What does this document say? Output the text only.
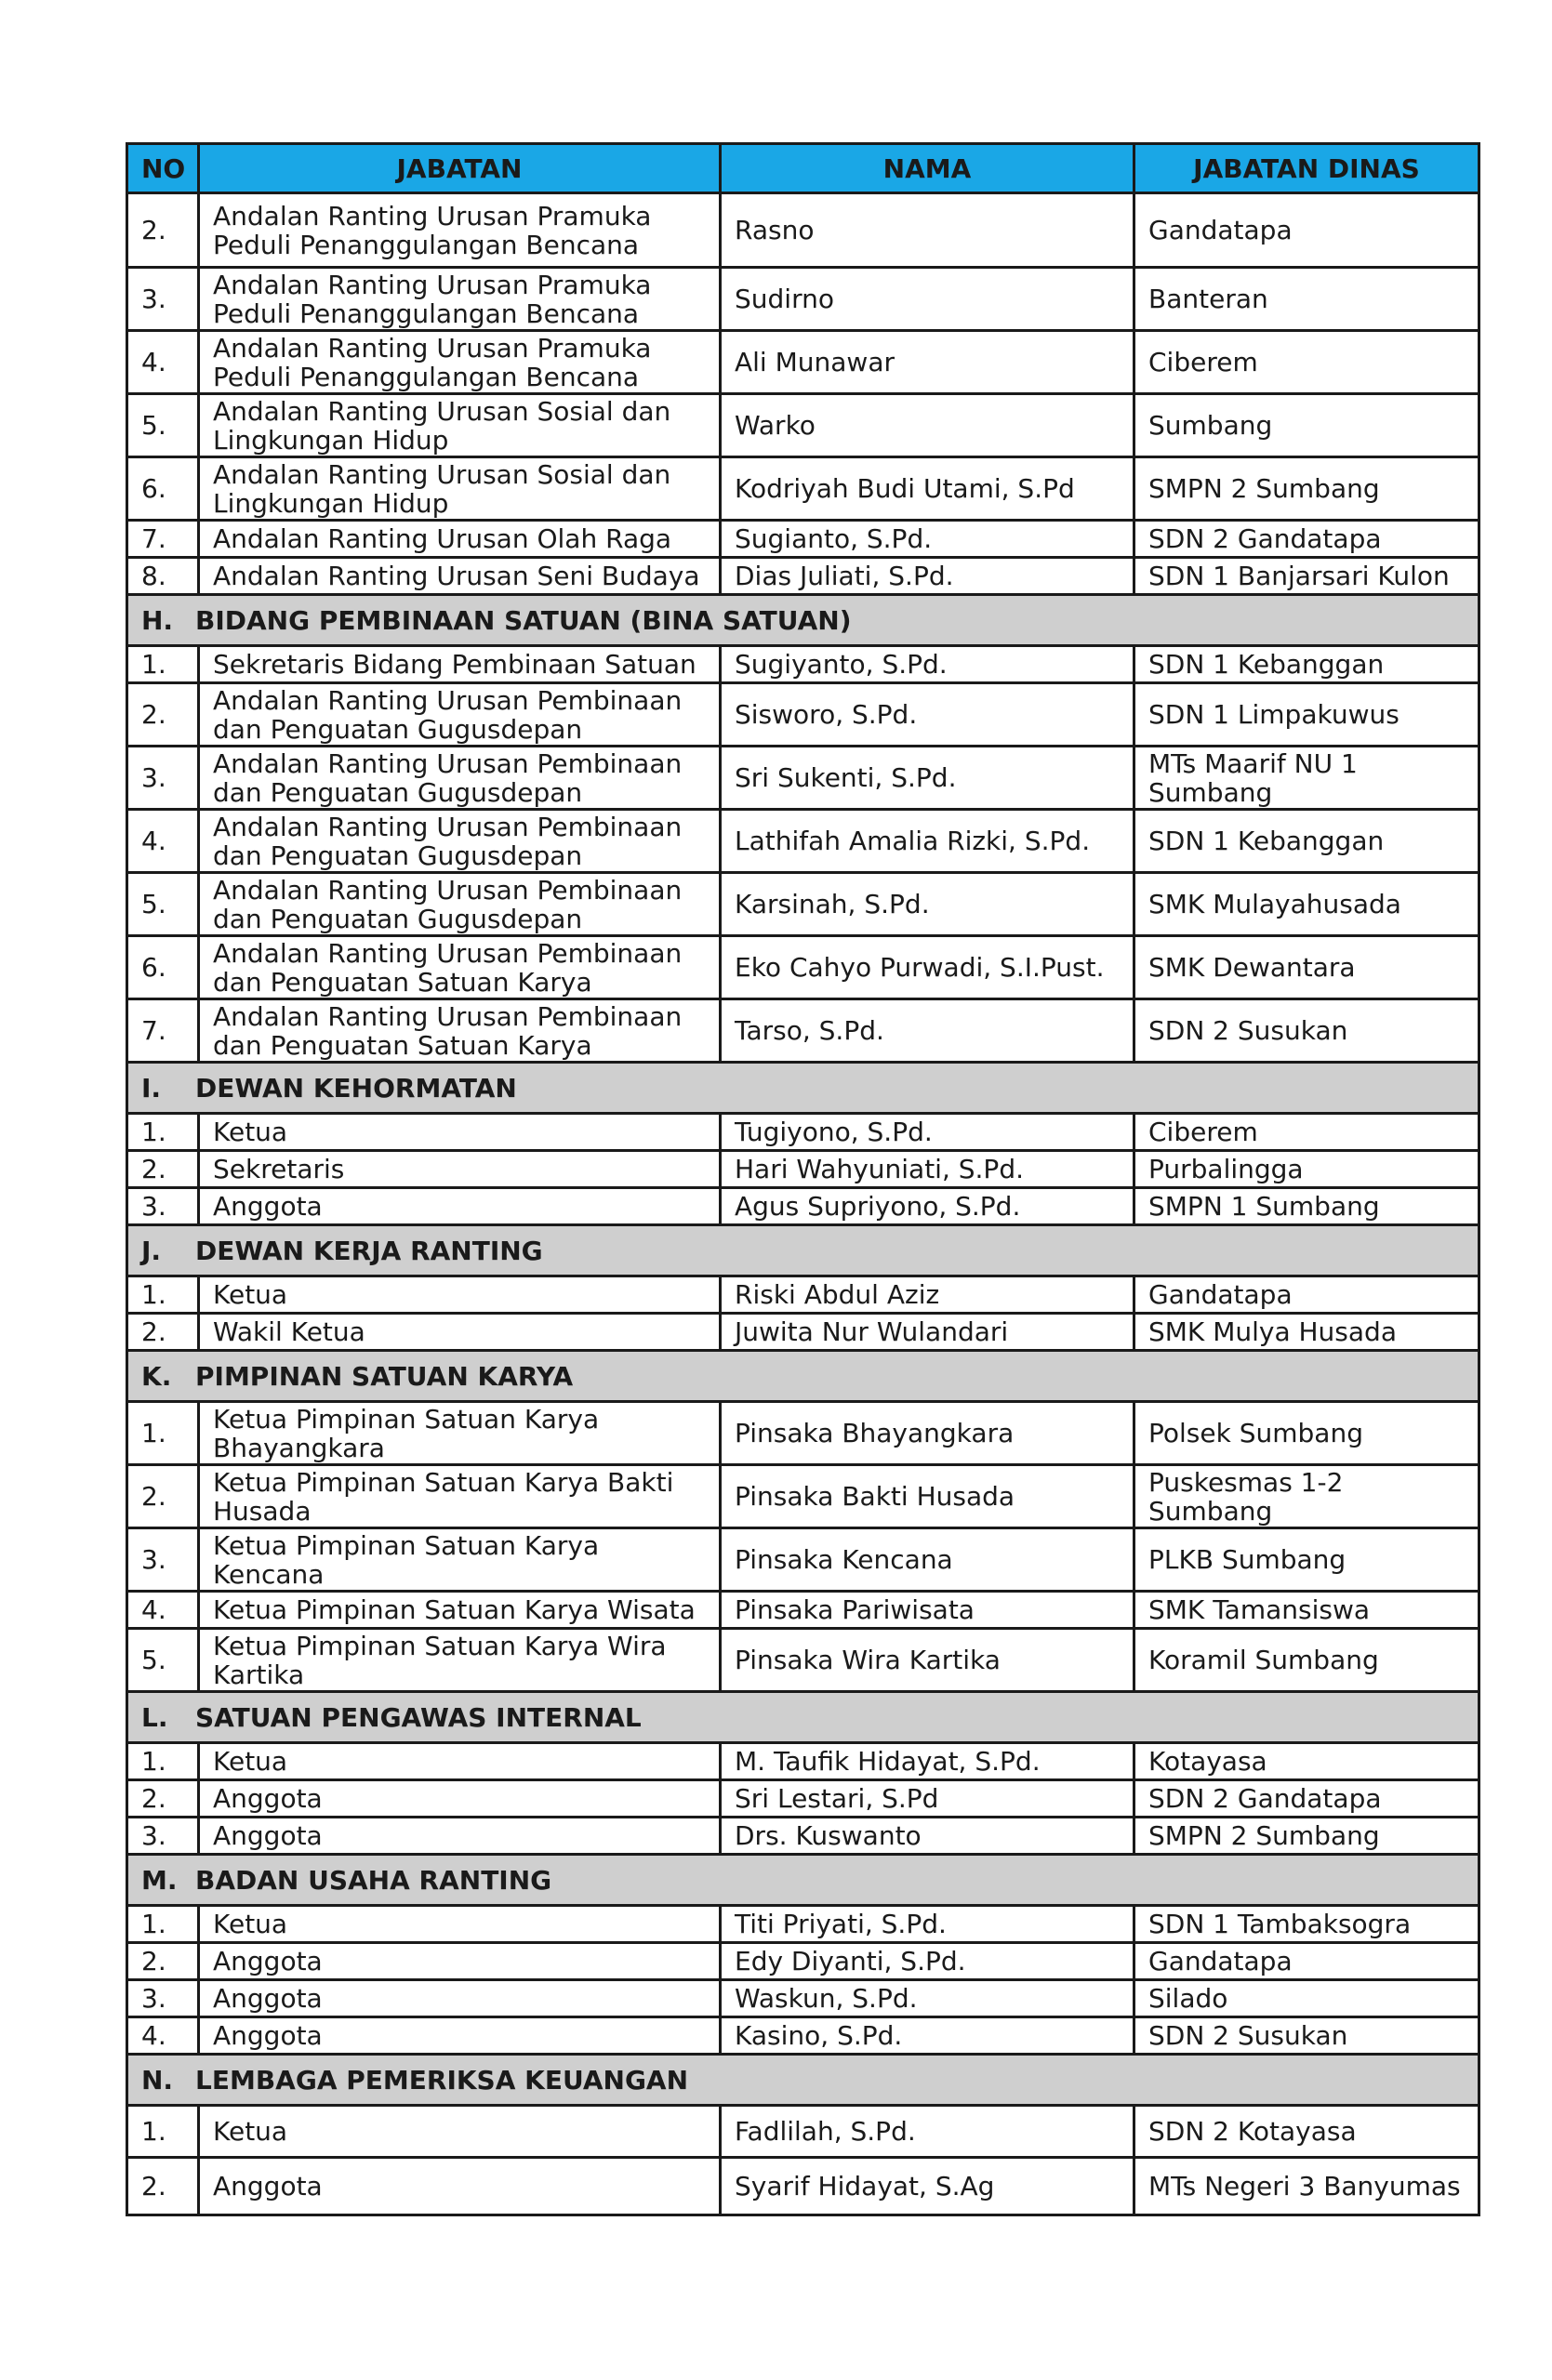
NO	JABATAN	NAMA	JABATAN DINAS
2.	Andalan Ranting Urusan Pramuka Peduli Penanggulangan Bencana	Rasno	Gandatapa
3.	Andalan Ranting Urusan Pramuka Peduli Penanggulangan Bencana	Sudirno	Banteran
4.	Andalan Ranting Urusan Pramuka Peduli Penanggulangan Bencana	Ali Munawar	Ciberem
5.	Andalan Ranting Urusan Sosial dan Lingkungan Hidup	Warko	Sumbang
6.	Andalan Ranting Urusan Sosial dan Lingkungan Hidup	Kodriyah Budi Utami, S.Pd	SMPN 2 Sumbang
7.	Andalan Ranting Urusan Olah Raga	Sugianto, S.Pd.	SDN 2 Gandatapa
8.	Andalan Ranting Urusan Seni Budaya	Dias Juliati, S.Pd.	SDN 1 Banjarsari Kulon
H. BIDANG PEMBINAAN SATUAN (BINA SATUAN)			
1.	Sekretaris Bidang Pembinaan Satuan	Sugiyanto, S.Pd.	SDN 1 Kebanggan
2.	Andalan Ranting Urusan Pembinaan dan Penguatan Gugusdepan	Sisworo, S.Pd.	SDN 1 Limpakuwus
3.	Andalan Ranting Urusan Pembinaan dan Penguatan Gugusdepan	Sri Sukenti, S.Pd.	MTs Maarif NU 1 Sumbang
4.	Andalan Ranting Urusan Pembinaan dan Penguatan Gugusdepan	Lathifah Amalia Rizki, S.Pd.	SDN 1 Kebanggan
5.	Andalan Ranting Urusan Pembinaan dan Penguatan Gugusdepan	Karsinah, S.Pd.	SMK Mulayahusada
6.	Andalan Ranting Urusan Pembinaan dan Penguatan Satuan Karya	Eko Cahyo Purwadi, S.I.Pust.	SMK Dewantara
7.	Andalan Ranting Urusan Pembinaan dan Penguatan Satuan Karya	Tarso, S.Pd.	SDN 2 Susukan
I. DEWAN KEHORMATAN			
1.	Ketua	Tugiyono, S.Pd.	Ciberem
2.	Sekretaris	Hari Wahyuniati, S.Pd.	Purbalingga
3.	Anggota	Agus Supriyono, S.Pd.	SMPN 1 Sumbang
J. DEWAN KERJA RANTING			
1.	Ketua	Riski Abdul Aziz	Gandatapa
2.	Wakil Ketua	Juwita Nur Wulandari	SMK Mulya Husada
K. PIMPINAN SATUAN KARYA			
1.	Ketua Pimpinan Satuan Karya Bhayangkara	Pinsaka Bhayangkara	Polsek Sumbang
2.	Ketua Pimpinan Satuan Karya Bakti Husada	Pinsaka Bakti Husada	Puskesmas 1-2 Sumbang
3.	Ketua Pimpinan Satuan Karya Kencana	Pinsaka Kencana	PLKB Sumbang
4.	Ketua Pimpinan Satuan Karya Wisata	Pinsaka Pariwisata	SMK Tamansiswa
5.	Ketua Pimpinan Satuan Karya Wira Kartika	Pinsaka Wira Kartika	Koramil Sumbang
L. SATUAN PENGAWAS INTERNAL			
1.	Ketua	M. Taufik Hidayat, S.Pd.	Kotayasa
2.	Anggota	Sri Lestari, S.Pd	SDN 2 Gandatapa
3.	Anggota	Drs. Kuswanto	SMPN 2 Sumbang
M. BADAN USAHA RANTING			
1.	Ketua	Titi Priyati, S.Pd.	SDN 1 Tambaksogra
2.	Anggota	Edy Diyanti, S.Pd.	Gandatapa
3.	Anggota	Waskun, S.Pd.	Silado
4.	Anggota	Kasino, S.Pd.	SDN 2 Susukan
N. LEMBAGA PEMERIKSA KEUANGAN			
1.	Ketua	Fadlilah, S.Pd.	SDN 2 Kotayasa
2.	Anggota	Syarif Hidayat, S.Ag	MTs Negeri 3 Banyumas
